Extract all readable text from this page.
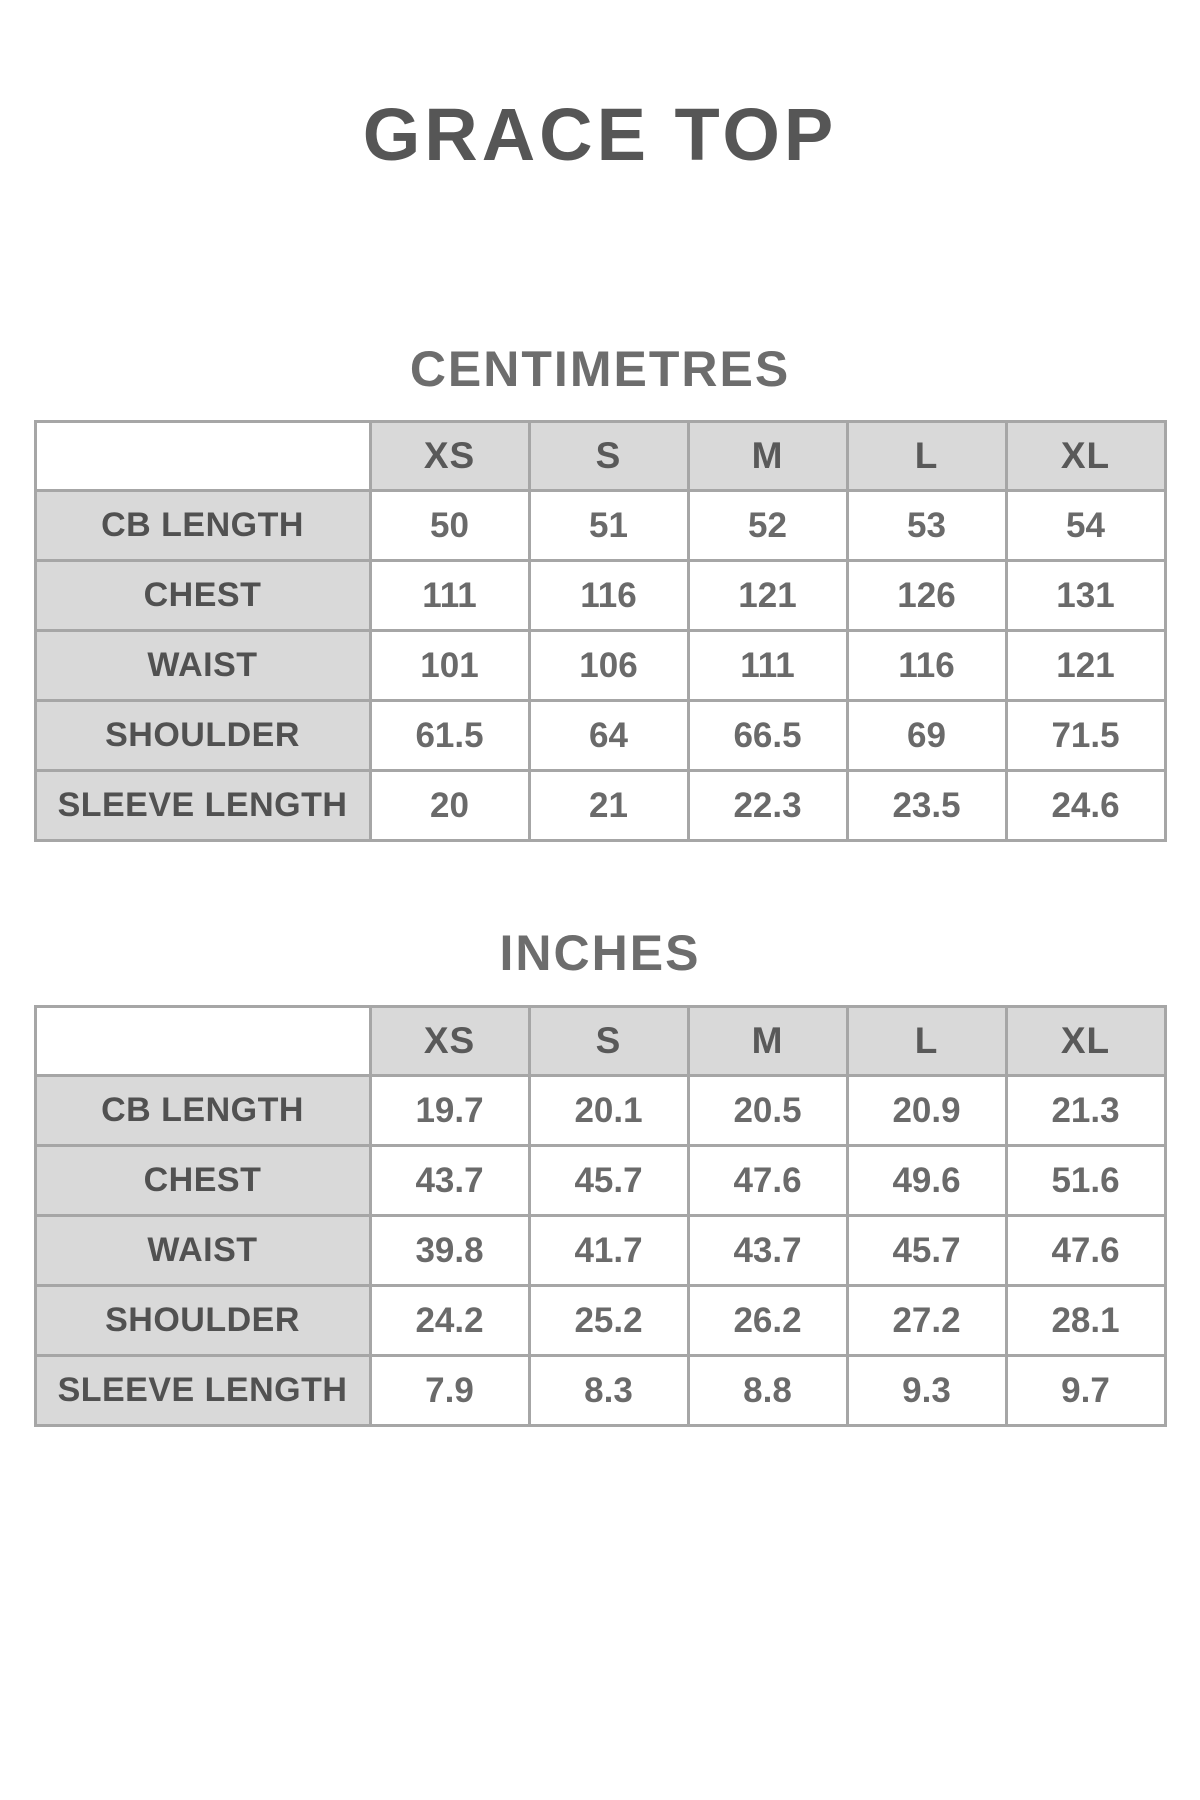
GRACE TOP
CENTIMETRES
	XS	S	M	L	XL
CB LENGTH	50	51	52	53	54
CHEST	111	116	121	126	131
WAIST	101	106	111	116	121
SHOULDER	61.5	64	66.5	69	71.5
SLEEVE LENGTH	20	21	22.3	23.5	24.6
INCHES
	XS	S	M	L	XL
CB LENGTH	19.7	20.1	20.5	20.9	21.3
CHEST	43.7	45.7	47.6	49.6	51.6
WAIST	39.8	41.7	43.7	45.7	47.6
SHOULDER	24.2	25.2	26.2	27.2	28.1
SLEEVE LENGTH	7.9	8.3	8.8	9.3	9.7
